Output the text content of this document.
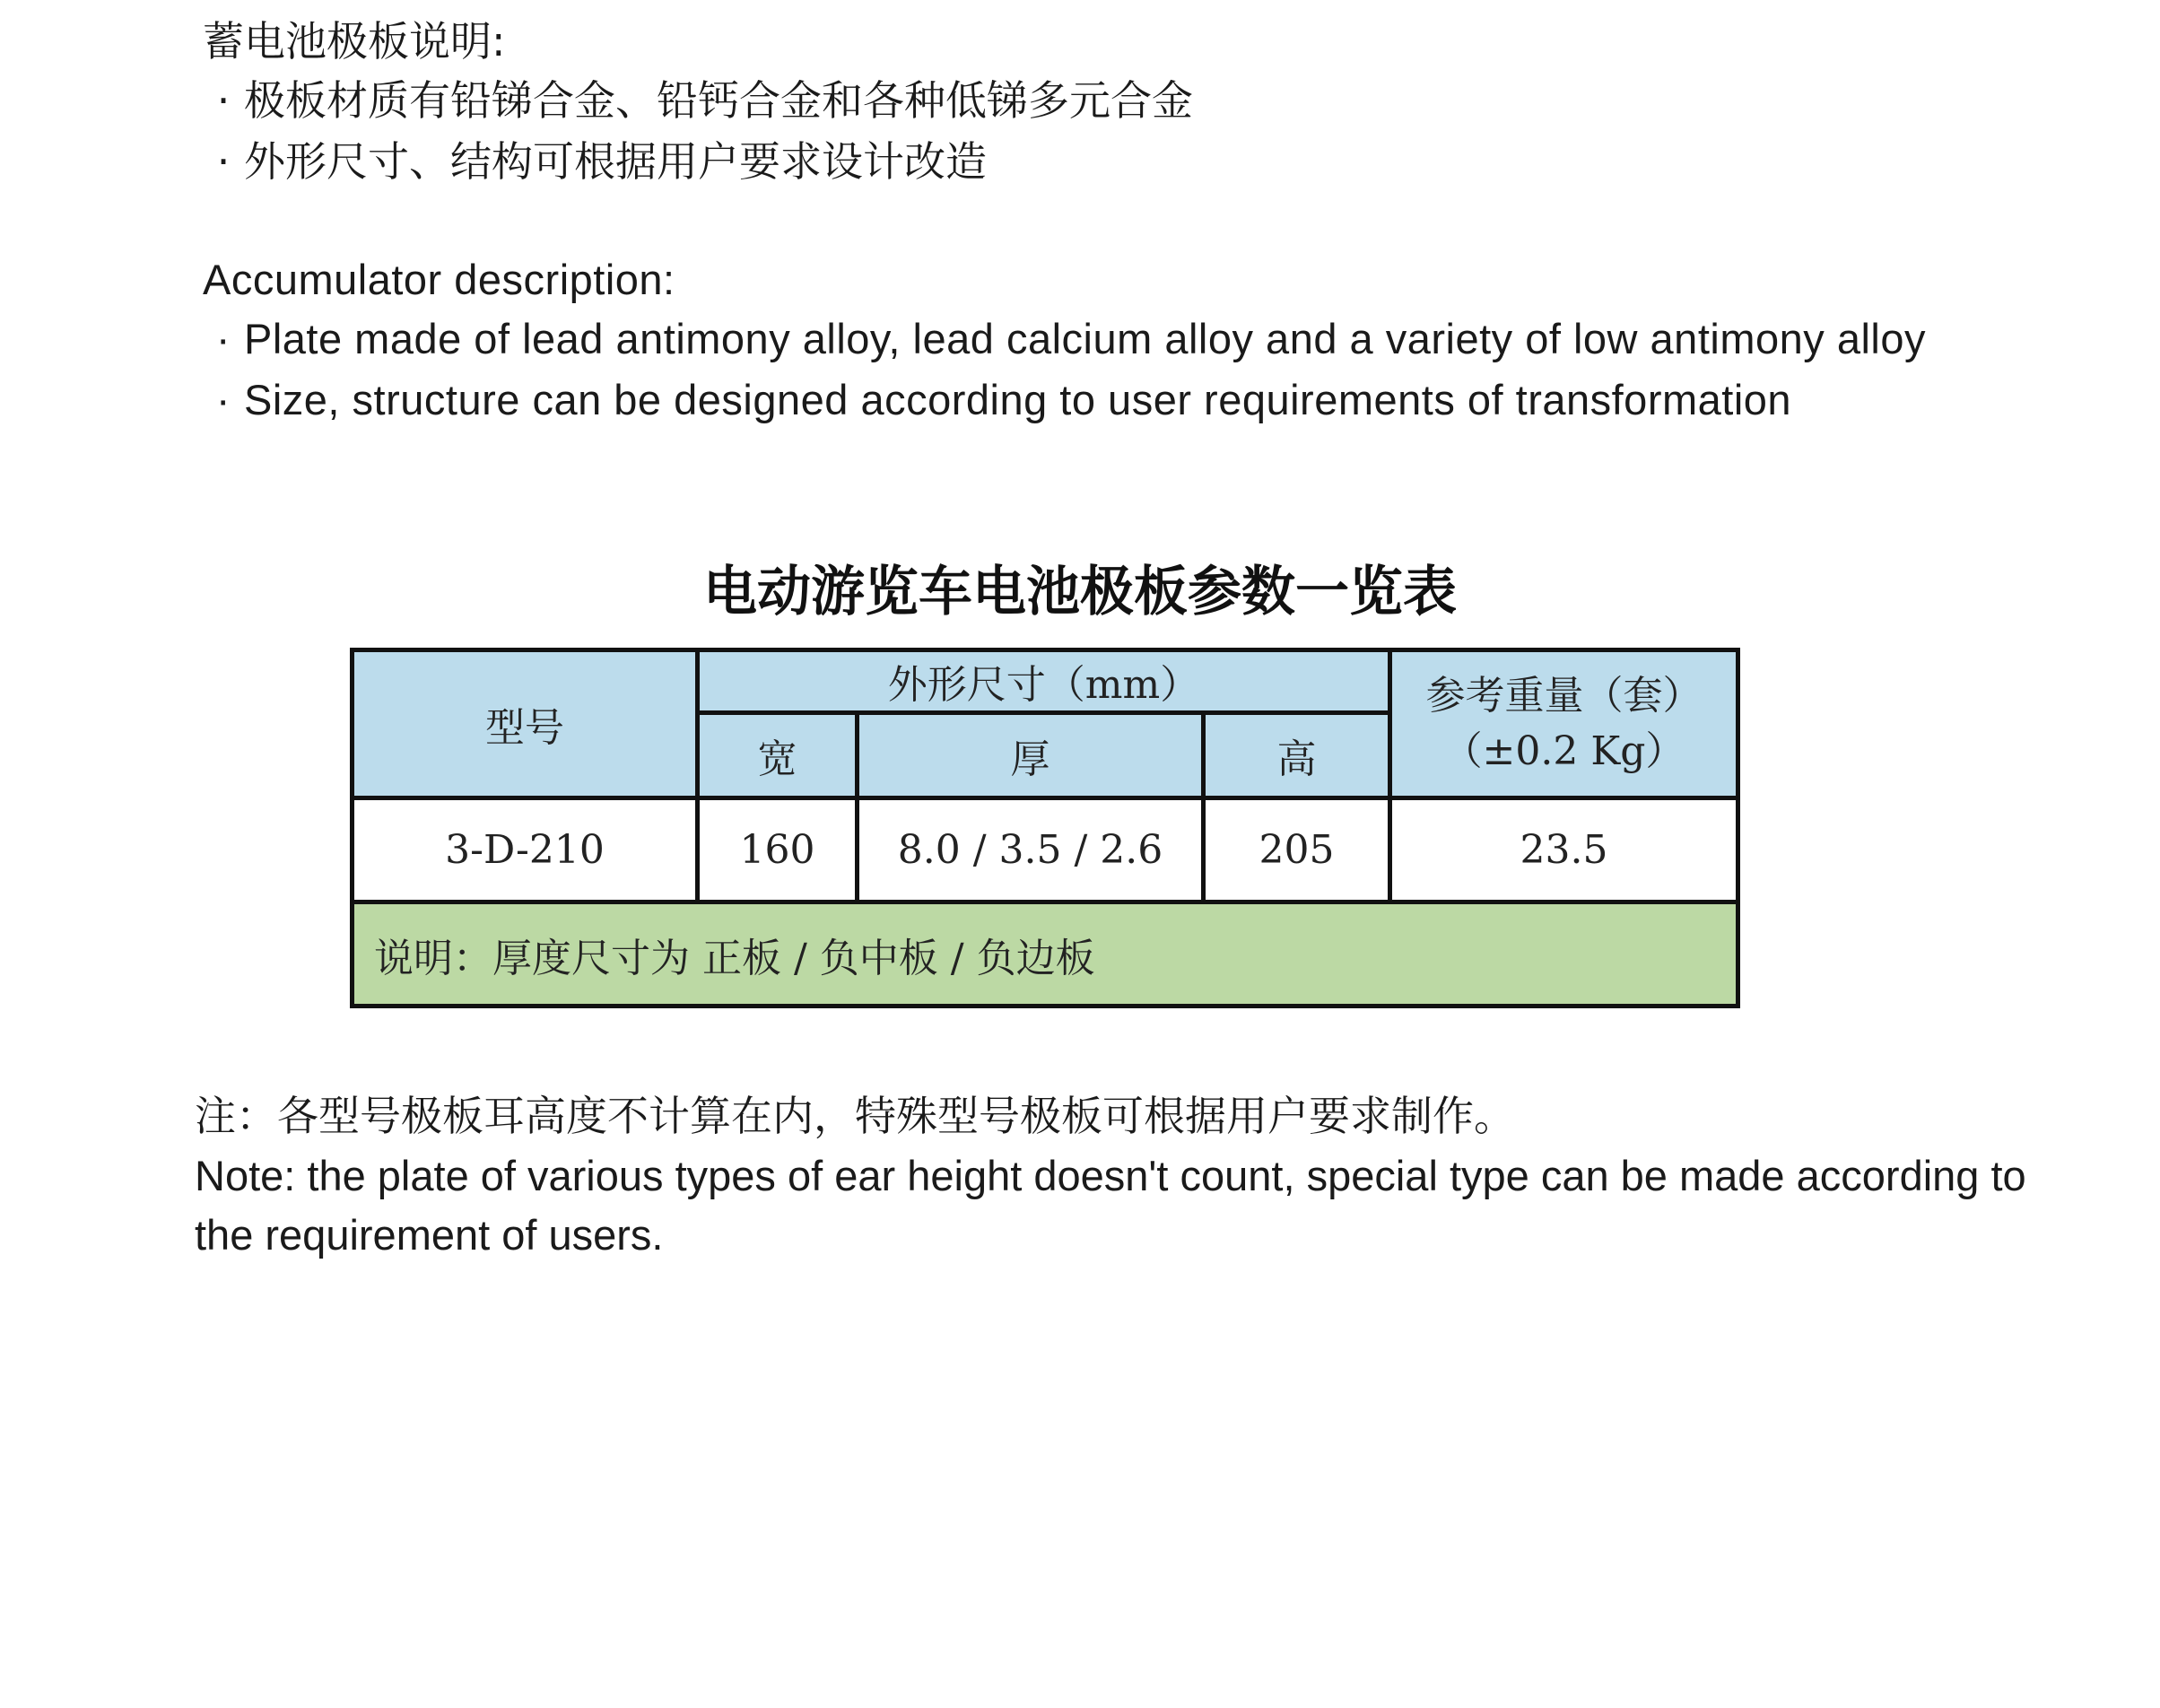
蓄电池极板说明:

· 极板材质有铅锑合金、铅钙合金和各种低锑多元合金

· 外形尺寸、结构可根据用户要求设计改造

Accumulator description:

· Plate made of lead antimony alloy, lead calcium alloy and a variety of low antimony alloy

· Size, structure can be designed according to user requirements of transformation

电动游览车电池极板参数一览表
型号	外形尺寸（mm）			参考重量（套）
（±0.2 Kg）

	宽	厚	高	
3-D-210	160	8.0 / 3.5 / 2.6	205	23.5
说明：厚度尺寸为 正板 / 负中板 / 负边板				

注：各型号极板耳高度不计算在内，特殊型号极板可根据用户要求制作。

Note: the plate of various types of ear height doesn't count, special type can be made according to the requirement of users.
